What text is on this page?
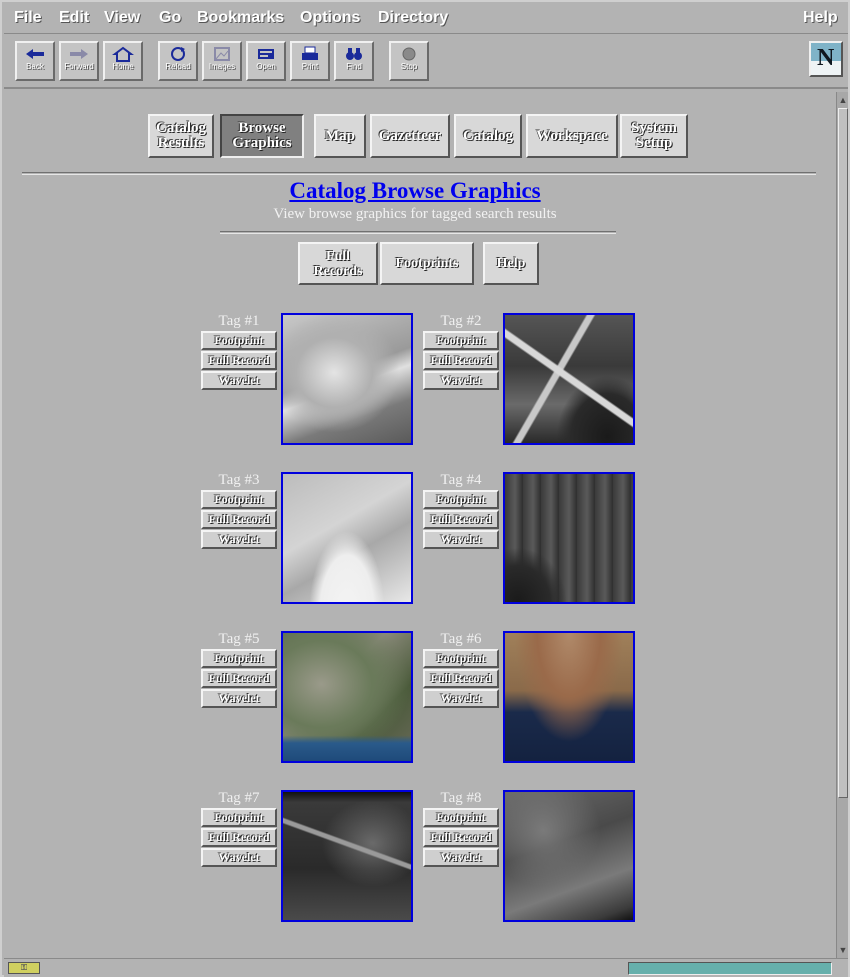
File Edit View Go Bookmarks Options Directory	Help
Back	Forward	Home	Reload	Images	Open	Print	Find	Stop	N
Catalog Results
Browse Graphics	Map	Gazetteer	Catalog	Workspace	System Setup
Catalog Browse Graphics
View browse graphics for tagged search results
Full Records	Footprints	Help
Tag #1
Footprint
Full Record
Wavelet
Tag #2
Footprint
Full Record
Wavelet
Tag #3
Footprint
Full Record
Wavelet
Tag #4
Footprint
Full Record
Wavelet
Tag #5
Footprint
Full Record
Wavelet
Tag #6
Footprint
Full Record
Wavelet
Tag #7
Footprint
Full Record
Wavelet
Tag #8
Footprint
Full Record
Wavelet
▲
▼
⚿
